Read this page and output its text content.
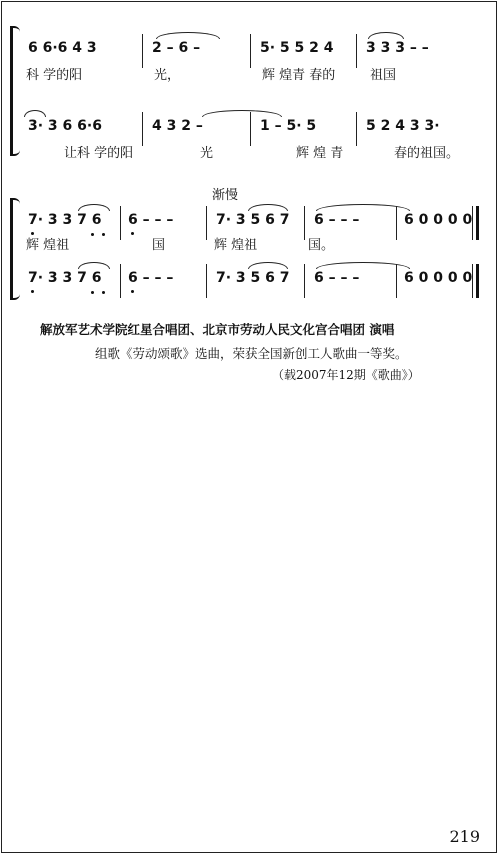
6 6·6 4 3	2 – 6 –	5· 5 5 2 4 3 3 3 – –
科 学的阳	光，	辉 煌青 春的	祖国
3· 3 6 6·6	4 3 2 –	1 – 5· 5	5 2 4 3 3·
让科 学的阳	光	辉 煌 青	春的祖国。
渐慢
7· 3 3 7 6 6 – – –	7· 3 5 6 7 6 – – –	6 0 0 0 0
辉 煌祖	国	辉 煌祖	国。
7· 3 3 7 6 6 – – –	7· 3 5 6 7 6 – – –	6 0 0 0 0
解放军艺术学院红星合唱团、北京市劳动人民文化宫合唱团 演唱
组歌《劳动颂歌》选曲，荣获全国新创工人歌曲一等奖。
（载2007年12期《歌曲》）
219
